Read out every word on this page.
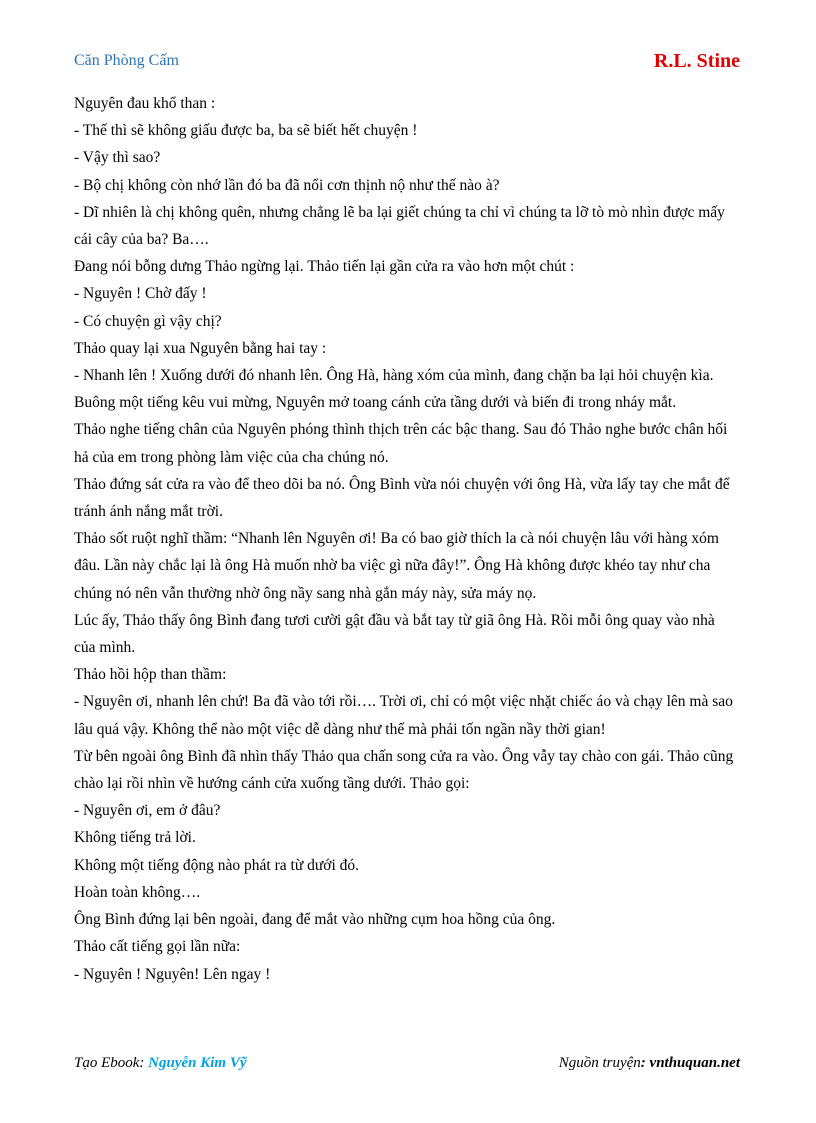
Căn Phòng Cấm	R.L. Stine

Nguyên đau khổ than :

- Thế thì sẽ không giấu được ba, ba sẽ biết hết chuyện !

- Vậy thì sao?

- Bộ chị không còn nhớ lần đó ba đã nổi cơn thịnh nộ như thế nào à?

- Dĩ nhiên là chị không quên, nhưng chẳng lẽ ba lại giết chúng ta chỉ vì chúng ta lỡ tò mò nhìn được mấy cái cây của ba? Ba….

Đang nói bỗng dưng Thảo ngừng lại. Thảo tiến lại gần cửa ra vào hơn một chút :

- Nguyên ! Chờ đấy !

- Có chuyện gì vậy chị?

Thảo quay lại xua Nguyên bằng hai tay :

- Nhanh lên ! Xuống dưới đó nhanh lên. Ông Hà, hàng xóm của mình, đang chặn ba lại hỏi chuyện kìa.

Buông một tiếng kêu vui mừng, Nguyên mở toang cánh cửa tầng dưới và biến đi trong nháy mắt.

Thảo nghe tiếng chân của Nguyên phóng thình thịch trên các bậc thang. Sau đó Thảo nghe bước chân hối hả của em trong phòng làm việc của cha chúng nó.

Thảo đứng sát cửa ra vào để theo dõi ba nó. Ông Bình vừa nói chuyện với ông Hà, vừa lấy tay che mắt để tránh ánh nắng mắt trời.

Thảo sốt ruột nghĩ thầm: “Nhanh lên Nguyên ơi! Ba có bao giờ thích la cà nói chuyện lâu với hàng xóm đâu. Lần này chắc lại là ông Hà muốn nhờ ba việc gì nữa đây!”. Ông Hà không được khéo tay như cha chúng nó nên vẫn thường nhờ ông nầy sang nhà gắn máy này, sửa máy nọ.

Lúc ấy, Thảo thấy ông Bình đang tươi cười gật đầu và bắt tay từ giã ông Hà. Rồi mỗi ông quay vào nhà của mình.

Thảo hồi hộp than thầm:

- Nguyên ơi, nhanh lên chứ! Ba đã vào tới rồi…. Trời ơi, chỉ có một việc nhặt chiếc áo và chạy lên mà sao lâu quá vậy. Không thể nào một việc dễ dàng như thế mà phải tốn ngần nầy thời gian!

Từ bên ngoài ông Bình đã nhìn thấy Thảo qua chấn song cửa ra vào. Ông vẫy tay chào con gái. Thảo cũng chào lại rồi nhìn về hướng cánh cửa xuống tầng dưới. Thảo gọi:

- Nguyên ơi, em ở đâu?

Không tiếng trả lời.

Không một tiếng động nào phát ra từ dưới đó.

Hoàn toàn không….

Ông Bình đứng lại bên ngoài, đang để mắt vào những cụm hoa hồng của ông.

Thảo cất tiếng gọi lần nữa:

- Nguyên ! Nguyên! Lên ngay !

Tạo Ebook: Nguyễn Kim Vỹ	Nguồn truyện: vnthuquan.net
